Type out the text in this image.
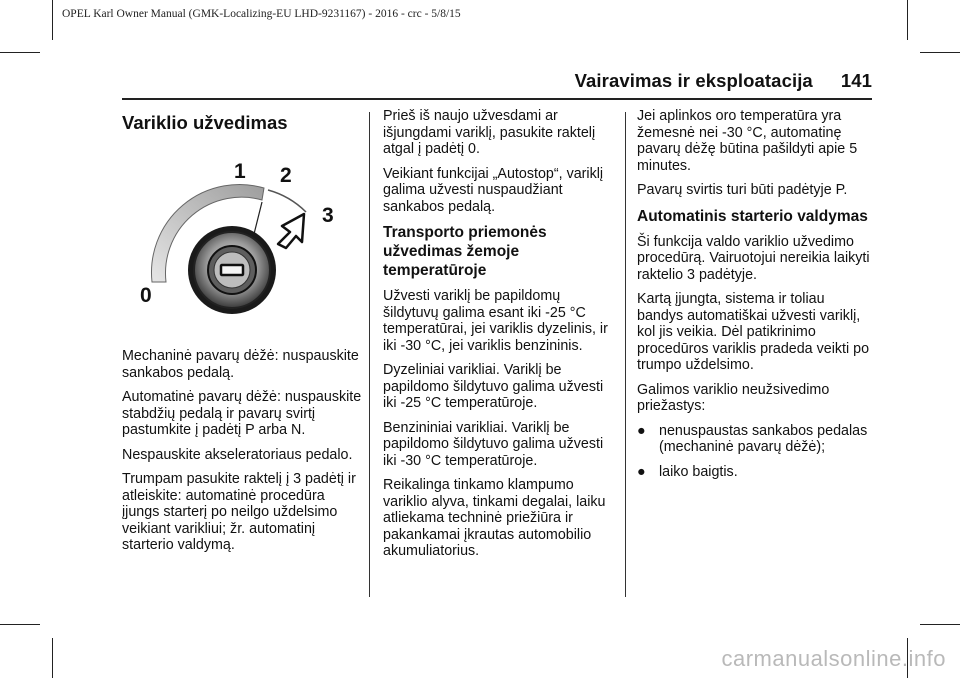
OPEL Karl Owner Manual (GMK-Localizing-EU LHD-9231167) - 2016 - crc - 5/8/15
Vairavimas ir eksploatacija 141
Variklio užvedimas
1 2
3
0

Mechaninė pavarų dėžė: nuspauskite sankabos pedalą.

Automatinė pavarų dėžė: nuspauskite stabdžių pedalą ir pavarų svirtį pastumkite į padėtį P arba N.

Nespauskite akseleratoriaus pedalo.

Trumpam pasukite raktelį į 3 padėtį ir atleiskite: automatinė procedūra įjungs starterį po neilgo uždelsimo veikiant varikliui; žr. automatinį starterio valdymą.

Prieš iš naujo užvesdami ar išjungdami variklį, pasukite raktelį atgal į padėtį 0.

Veikiant funkcijai „Autostop“, variklį galima užvesti nuspaudžiant sankabos pedalą.

Transporto priemonės užvedimas žemoje temperatūroje

Užvesti variklį be papildomų šildytuvų galima esant iki -25 °C temperatūrai, jei variklis dyzelinis, ir iki -30 °C, jei variklis benzininis.

Dyzeliniai varikliai. Variklį be papildomo šildytuvo galima užvesti iki -25 °C temperatūroje.

Benzininiai varikliai. Variklį be papildomo šildytuvo galima užvesti iki -30 °C temperatūroje.

Reikalinga tinkamo klampumo variklio alyva, tinkami degalai, laiku atliekama techninė priežiūra ir pakankamai įkrautas automobilio akumuliatorius.

Jei aplinkos oro temperatūra yra žemesnė nei -30 °C, automatinę pavarų dėžę būtina pašildyti apie 5 minutes.

Pavarų svirtis turi būti padėtyje P.

Automatinis starterio valdymas

Ši funkcija valdo variklio užvedimo procedūrą. Vairuotojui nereikia laikyti raktelio 3 padėtyje.

Kartą įjungta, sistema ir toliau bandys automatiškai užvesti variklį, kol jis veikia. Dėl patikrinimo procedūros variklis pradeda veikti po trumpo uždelsimo.

Galimos variklio neužsivedimo priežastys:

● nenuspaustas sankabos pedalas (mechaninė pavarų dėžė);
● laiko baigtis.
carmanualsonline.info
